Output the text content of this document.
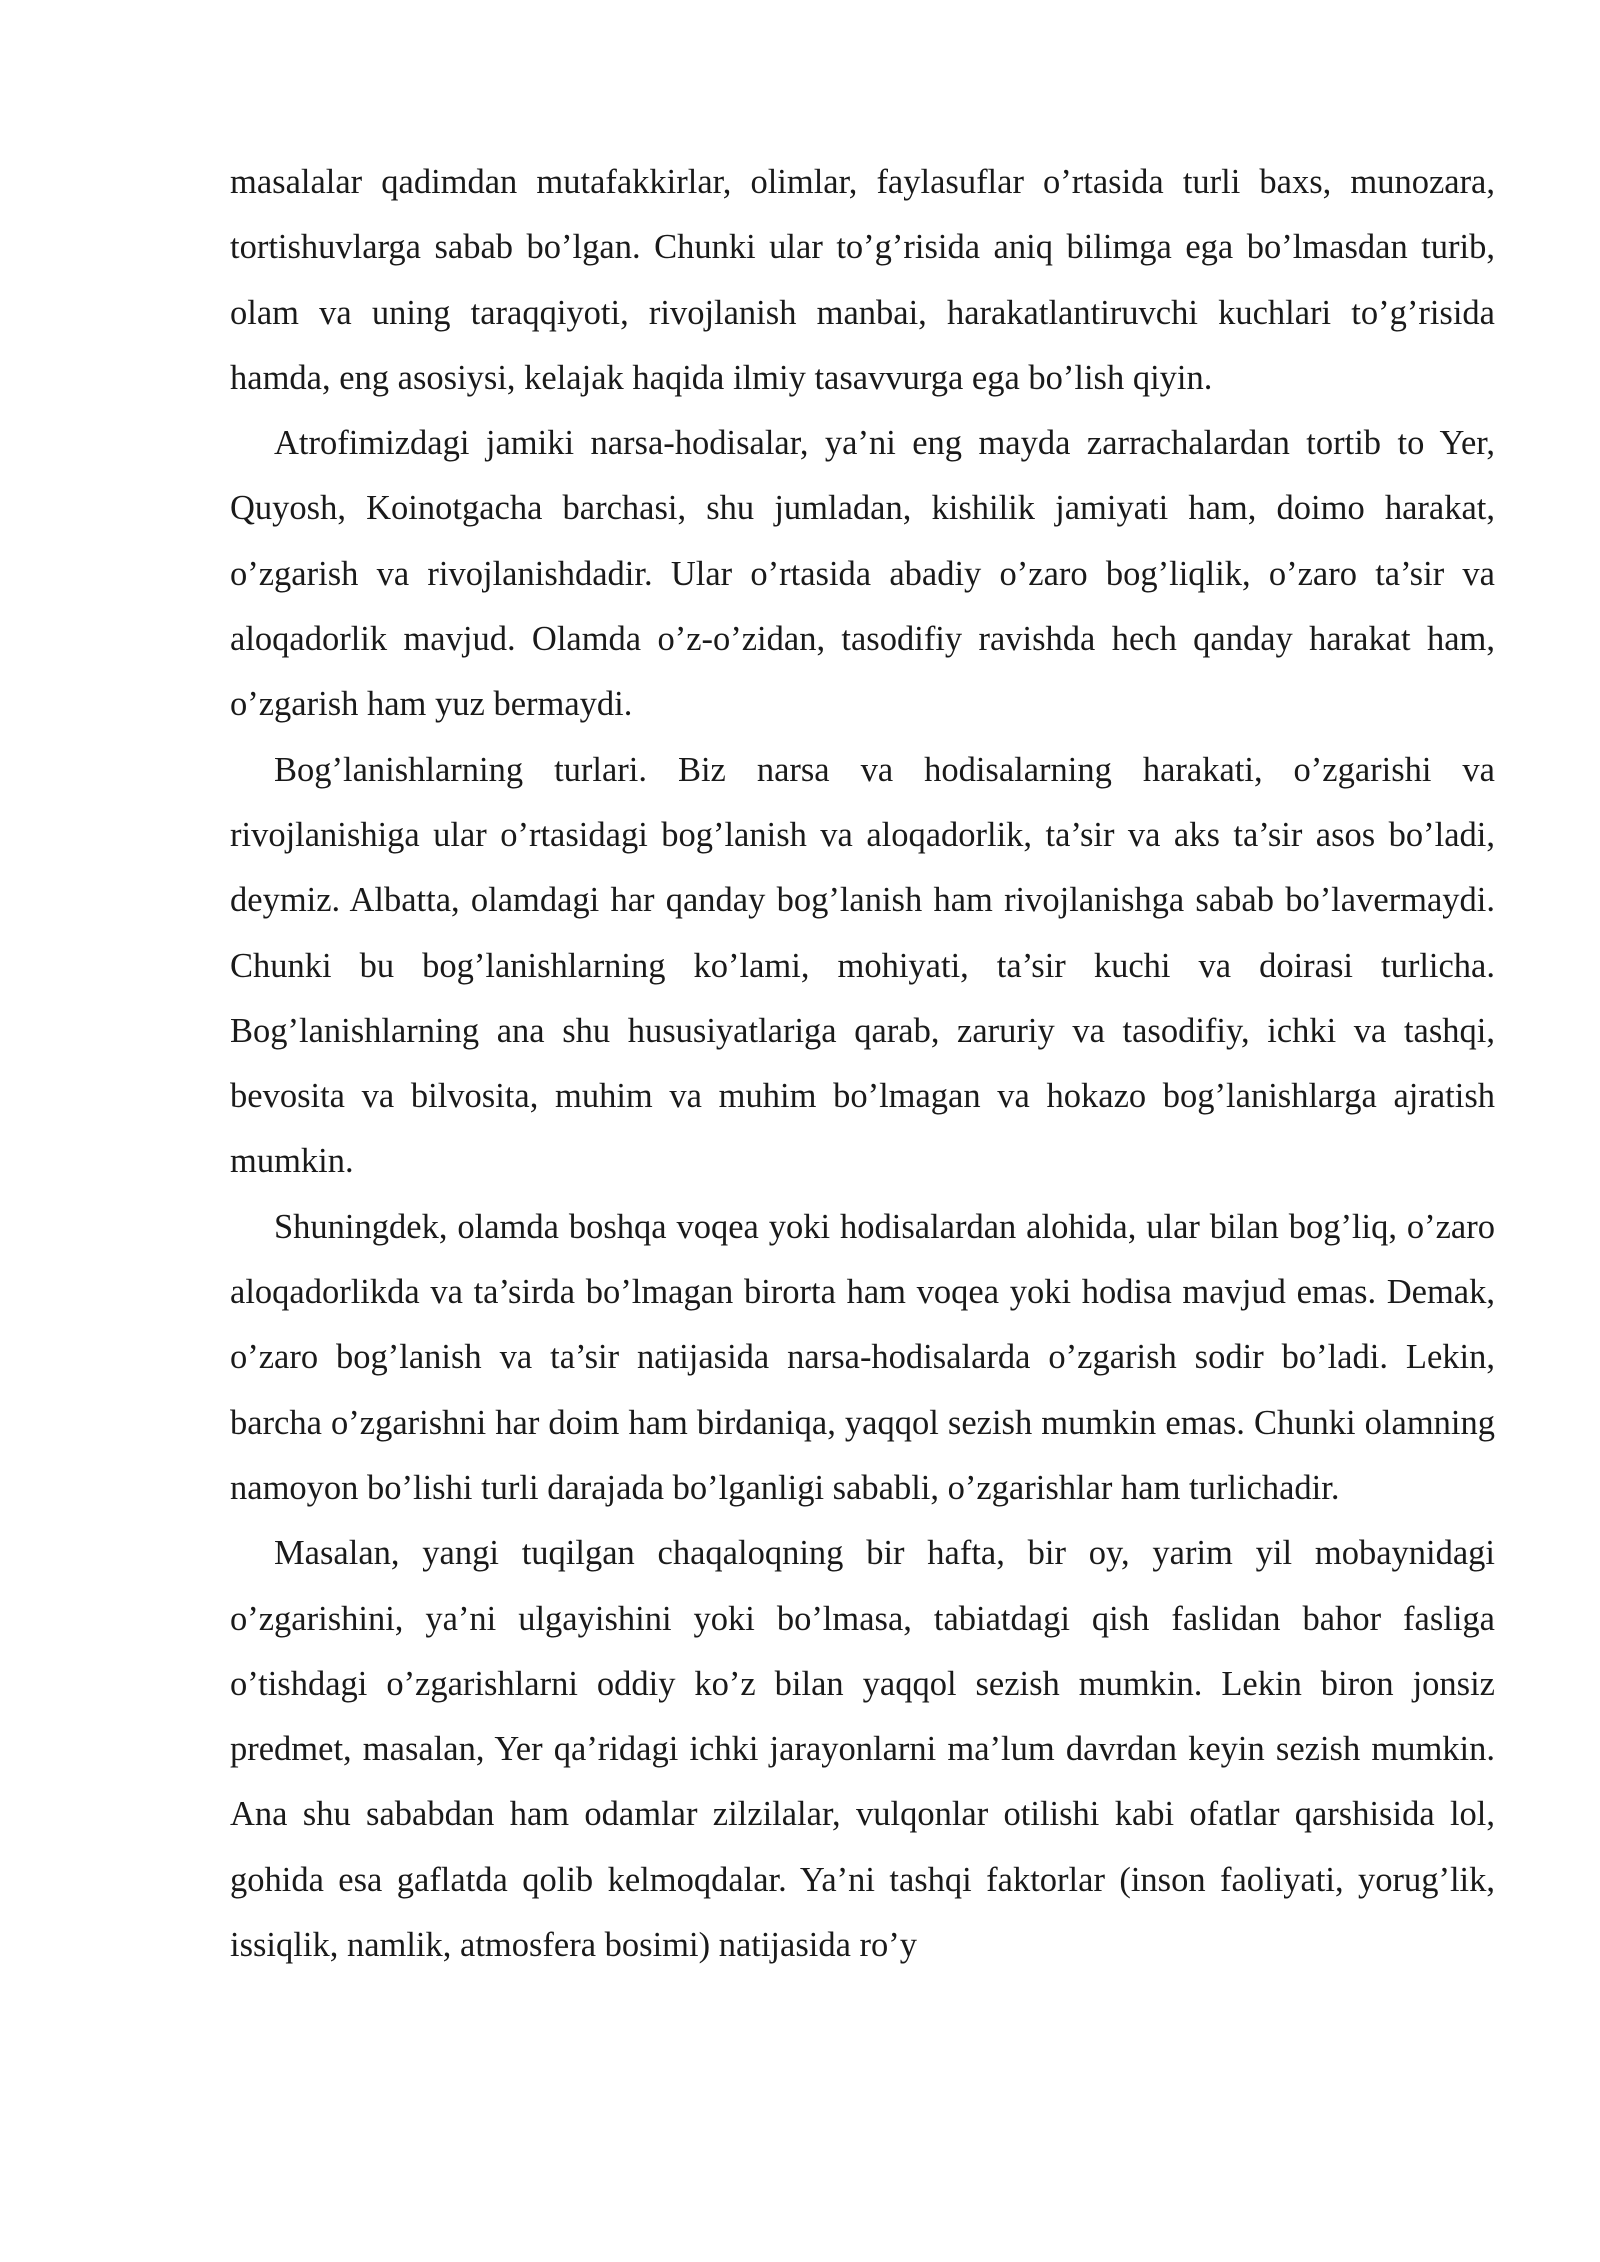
masalalar qadimdan mutafakkirlar, olimlar, faylasuflar o’rtasida turli baxs, munozara, tortishuvlarga sabab bo’lgan. Chunki ular to’g’risida aniq bilimga ega bo’lmasdan turib, olam va uning taraqqiyoti, rivojlanish manbai, harakatlantiruvchi kuchlari to’g’risida hamda, eng asosiysi, kelajak haqida ilmiy tasavvurga ega bo’lish qiyin.

Atrofimizdagi jamiki narsa-hodisalar, ya’ni eng mayda zarrachalardan tortib to Yer, Quyosh, Koinotgacha barchasi, shu jumladan, kishilik jamiyati ham, doimo harakat, o’zgarish va rivojlanishdadir. Ular o’rtasida abadiy o’zaro bog’liqlik, o’zaro ta’sir va aloqadorlik mavjud. Olamda o’z-o’zidan, tasodifiy ravishda hech qanday harakat ham, o’zgarish ham yuz bermaydi.

Bog’lanishlarning turlari. Biz narsa va hodisalarning harakati, o’zgarishi va rivojlanishiga ular o’rtasidagi bog’lanish va aloqadorlik, ta’sir va aks ta’sir asos bo’ladi, deymiz. Albatta, olamdagi har qanday bog’lanish ham rivojlanishga sabab bo’lavermaydi. Chunki bu bog’lanishlarning ko’lami, mohiyati, ta’sir kuchi va doirasi turlicha. Bog’lanishlarning ana shu hususiyatlariga qarab, zaruriy va tasodifiy, ichki va tashqi, bevosita va bilvosita, muhim va muhim bo’lmagan va hokazo bog’lanishlarga ajratish mumkin.

Shuningdek, olamda boshqa voqea yoki hodisalardan alohida, ular bilan bog’liq, o’zaro aloqadorlikda va ta’sirda bo’lmagan birorta ham voqea yoki hodisa mavjud emas. Demak, o’zaro bog’lanish va ta’sir natijasida narsa-hodisalarda o’zgarish sodir bo’ladi. Lekin, barcha o’zgarishni har doim ham birdaniqa, yaqqol sezish mumkin emas. Chunki olamning namoyon bo’lishi turli darajada bo’lganligi sababli, o’zgarishlar ham turlichadir.

Masalan, yangi tuqilgan chaqaloqning bir hafta, bir oy, yarim yil mobaynidagi o’zgarishini, ya’ni ulgayishini yoki bo’lmasa, tabiatdagi qish faslidan bahor fasliga o’tishdagi o’zgarishlarni oddiy ko’z bilan yaqqol sezish mumkin. Lekin biron jonsiz predmet, masalan, Yer qa’ridagi ichki jarayonlarni ma’lum davrdan keyin sezish mumkin. Ana shu sababdan ham odamlar zilzilalar, vulqonlar otilishi kabi ofatlar qarshisida lol, gohida esa gaflatda qolib kelmoqdalar. Ya’ni tashqi faktorlar (inson faoliyati, yorug’lik, issiqlik, namlik, atmosfera bosimi) natijasida ro’y
